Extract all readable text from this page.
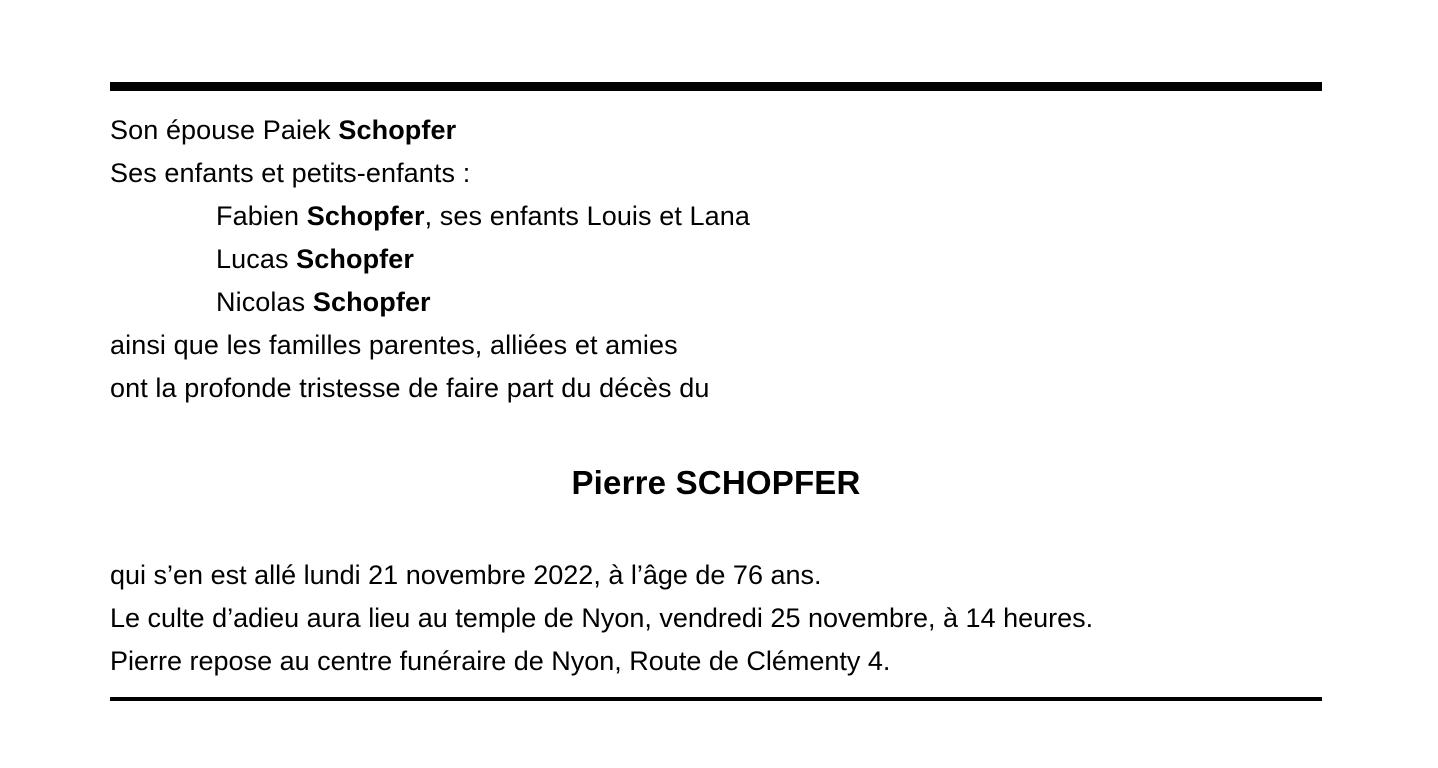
Son épouse Paiek Schopfer
Ses enfants et petits-enfants :
Fabien Schopfer, ses enfants Louis et Lana
Lucas Schopfer
Nicolas Schopfer
ainsi que les familles parentes, alliées et amies
ont la profonde tristesse de faire part du décès du
Pierre SCHOPFER
qui s’en est allé lundi 21 novembre 2022, à l’âge de 76 ans.
Le culte d’adieu aura lieu au temple de Nyon, vendredi 25 novembre, à 14 heures.
Pierre repose au centre funéraire de Nyon, Route de Clémenty 4.
